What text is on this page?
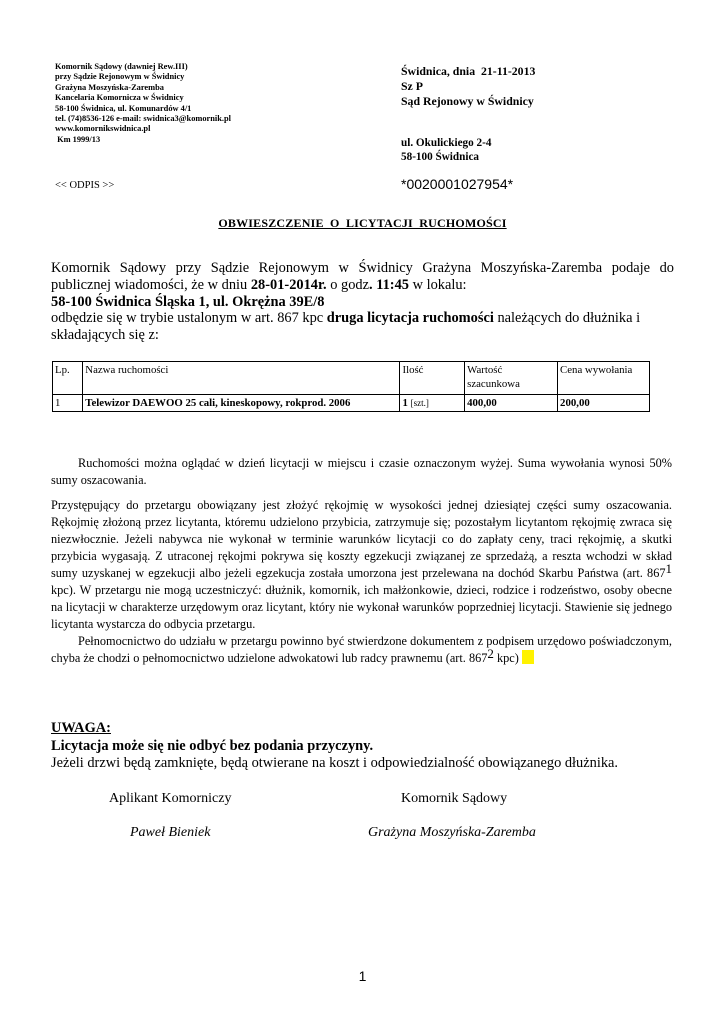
Komornik Sądowy (dawniej Rew.III)
przy Sądzie Rejonowym w Świdnicy
Grażyna Moszyńska-Zaremba
Kancelaria Komornicza w Świdnicy
58-100 Świdnica, ul. Komunardów 4/1
tel. (74)8536-126 e-mail: swidnica3@komornik.pl
www.komornikswidnica.pl
Km 1999/13
Świdnica, dnia  21-11-2013
Sz P
Sąd Rejonowy w Świdnicy
ul. Okulickiego 2-4
58-100 Świdnica
<< ODPIS >>	*0020001027954*
OBWIESZCZENIE  O  LICYTACJI  RUCHOMOŚCI

Komornik Sądowy przy Sądzie Rejonowym w Świdnicy Grażyna Moszyńska-Zaremba podaje do publicznej wiadomości, że w dniu 28-01-2014r. o godz. 11:45 w lokalu:

58-100 Świdnica Śląska 1, ul. Okrężna 39E/8

odbędzie się w trybie ustalonym w art. 867 kpc druga licytacja ruchomości należących do dłużnika i składających się z:

Lp.	Nazwa ruchomości	Ilość	Wartość szacunkowa	Cena wywołania
1	Telewizor DAEWOO 25 cali, kineskopowy, rokprod. 2006	1 [szt.]	400,00	200,00

Ruchomości można oglądać w dzień licytacji w miejscu i czasie oznaczonym wyżej. Suma wywołania wynosi 50% sumy oszacowania.

Przystępujący do przetargu obowiązany jest złożyć rękojmię w wysokości jednej dziesiątej części sumy oszacowania. Rękojmię złożoną przez licytanta, któremu udzielono przybicia, zatrzymuje się; pozostałym licytantom rękojmię zwraca się niezwłocznie. Jeżeli nabywca nie wykonał w terminie warunków licytacji co do zapłaty ceny, traci rękojmię, a skutki przybicia wygasają. Z utraconej rękojmi pokrywa się koszty egzekucji związanej ze sprzedażą, a reszta wchodzi w skład sumy uzyskanej w egzekucji albo jeżeli egzekucja została umorzona jest przelewana na dochód Skarbu Państwa (art. $867^1$ kpc). W przetargu nie mogą uczestniczyć: dłużnik, komornik, ich małżonkowie, dzieci, rodzice i rodzeństwo, osoby obecne na licytacji w charakterze urzędowym oraz licytant, który nie wykonał warunków poprzedniej licytacji. Stawienie się jednego licytanta wystarcza do odbycia przetargu.

Pełnomocnictwo do udziału w przetargu powinno być stwierdzone dokumentem z podpisem urzędowo poświadczonym, chyba że chodzi o pełnomocnictwo udzielone adwokatowi lub radcy prawnemu (art. $867^2$ kpc)

UWAGA:
Licytacja może się nie odbyć bez podania przyczyny.
Jeżeli drzwi będą zamknięte, będą otwierane na koszt i odpowiedzialność obowiązanego dłużnika.
Aplikant Komorniczy
Paweł Bieniek
Komornik Sądowy
Grażyna Moszyńska-Zaremba
1
